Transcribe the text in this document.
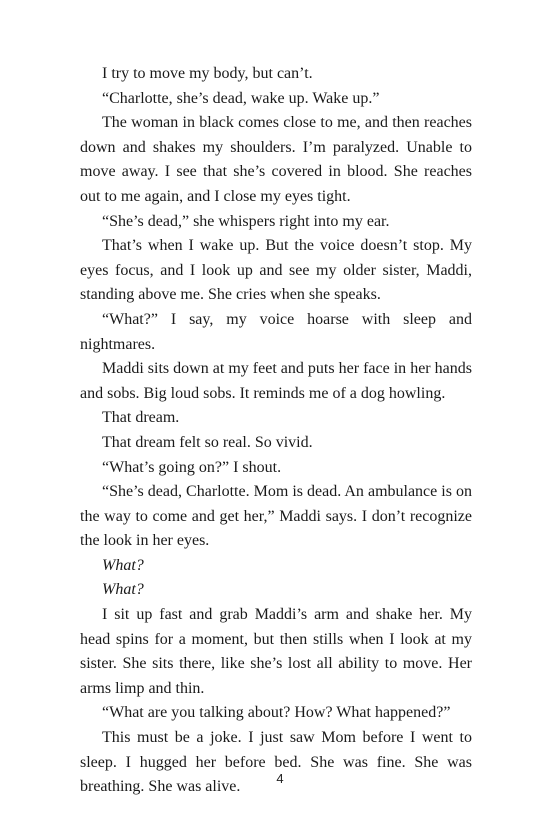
I try to move my body, but can’t.

“Charlotte, she’s dead, wake up. Wake up.”

The woman in black comes close to me, and then reaches down and shakes my shoulders. I’m paralyzed. Unable to move away. I see that she’s covered in blood. She reaches out to me again, and I close my eyes tight.

“She’s dead,” she whispers right into my ear.

That’s when I wake up. But the voice doesn’t stop. My eyes focus, and I look up and see my older sister, Maddi, standing above me. She cries when she speaks.

“What?” I say, my voice hoarse with sleep and nightmares.

Maddi sits down at my feet and puts her face in her hands and sobs. Big loud sobs. It reminds me of a dog howling.

That dream.

That dream felt so real. So vivid.

“What’s going on?” I shout.

“She’s dead, Charlotte. Mom is dead. An ambulance is on the way to come and get her,” Maddi says. I don’t recognize the look in her eyes.

What?

What?

I sit up fast and grab Maddi’s arm and shake her. My head spins for a moment, but then stills when I look at my sister. She sits there, like she’s lost all ability to move. Her arms limp and thin.

“What are you talking about? How? What happened?”

This must be a joke. I just saw Mom before I went to sleep. I hugged her before bed. She was fine. She was breathing. She was alive.	4
